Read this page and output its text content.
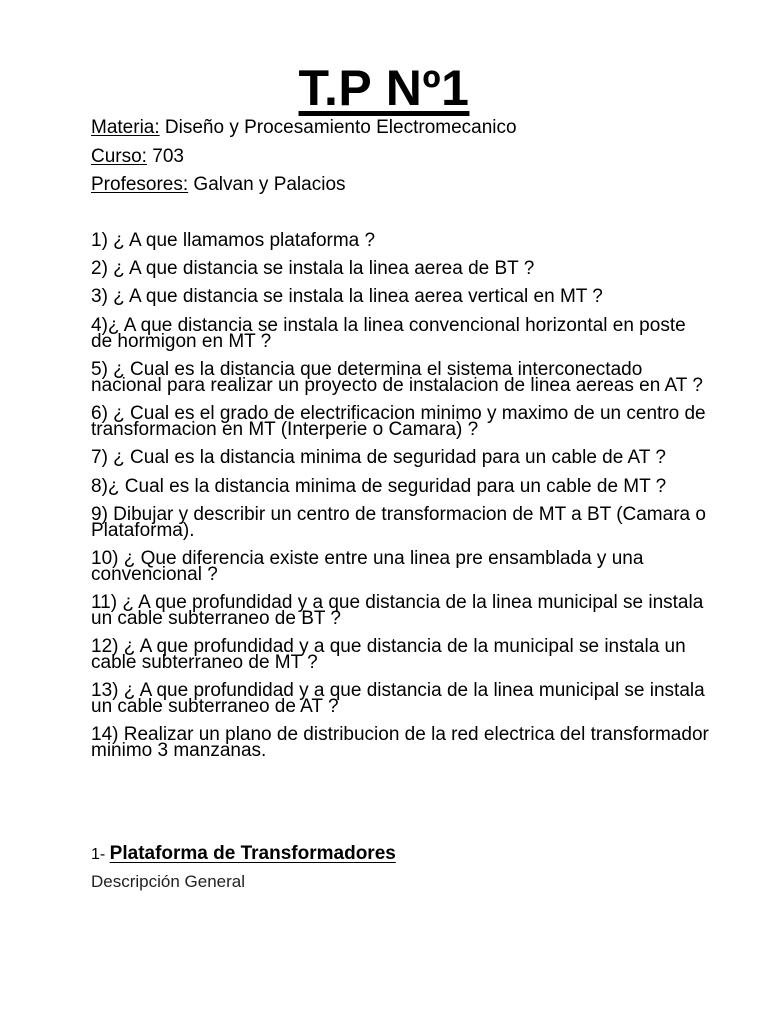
T.P Nº1
Materia: Diseño y Procesamiento Electromecanico
Curso: 703
Profesores: Galvan y Palacios
1) ¿ A que llamamos plataforma ?
2) ¿ A que distancia se instala la linea aerea de BT ?
3) ¿ A que distancia se instala la linea aerea vertical en MT ?
4)¿ A que distancia se instala la linea convencional horizontal en poste de hormigon en MT ?
5) ¿ Cual es la distancia que determina el sistema interconectado nacional para realizar un proyecto de instalacion de linea aereas en AT ?
6) ¿ Cual es el grado de electrificacion minimo y maximo de un centro de transformacion en MT (Interperie o Camara) ?
7) ¿ Cual es la distancia minima de seguridad para un cable de AT ?
8)¿ Cual es la distancia minima de seguridad para un cable de MT ?
9) Dibujar y describir un centro de transformacion de MT a BT (Camara o Plataforma).
10) ¿ Que diferencia existe entre una linea pre ensamblada y una convencional ?
11) ¿ A que profundidad y a que distancia de la linea municipal se instala un cable subterraneo de BT ?
12) ¿ A que profundidad y a que distancia de la municipal se instala un cable subterraneo de MT ?
13) ¿ A que profundidad y a que distancia de la linea municipal se instala un cable subterraneo de AT ?
14) Realizar un plano de distribucion de la red electrica del transformador minimo 3 manzanas.
1- Plataforma de Transformadores
Descripción General
